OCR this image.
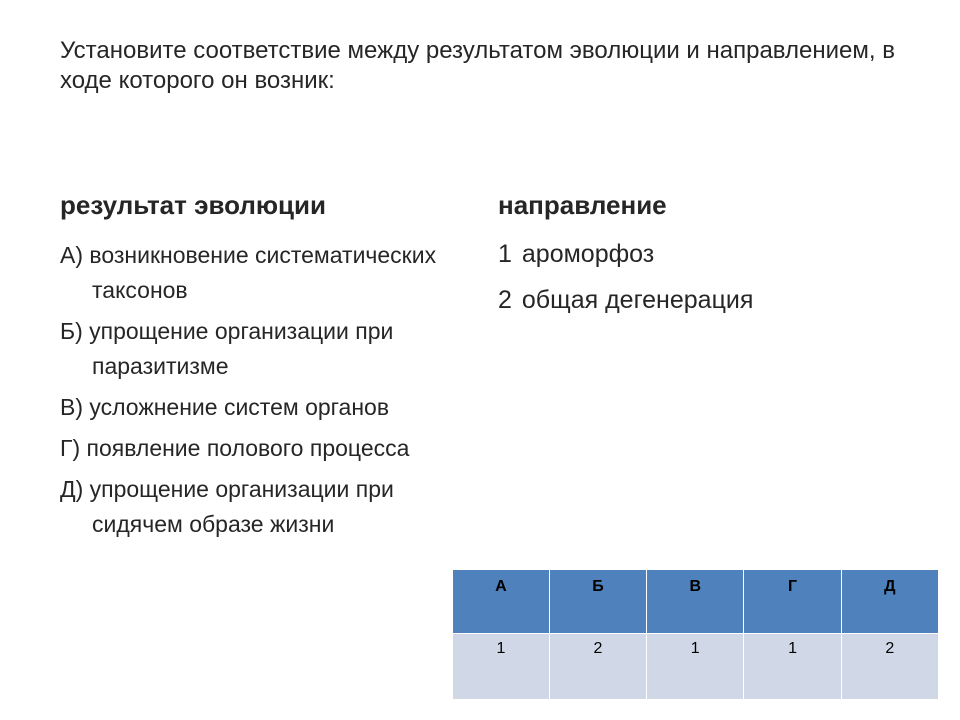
Установите соответствие между результатом эволюции и направлением, в ходе которого он возник:
результат эволюции	направление
А) возникновение систематических таксонов
Б) упрощение организации при паразитизме
В) усложнение систем органов
Г) появление полового процесса
Д) упрощение организации при сидячем образе жизни
1 ароморфоз
2 общая дегенерация
А	Б	В	Г	Д
1	2	1	1	2
